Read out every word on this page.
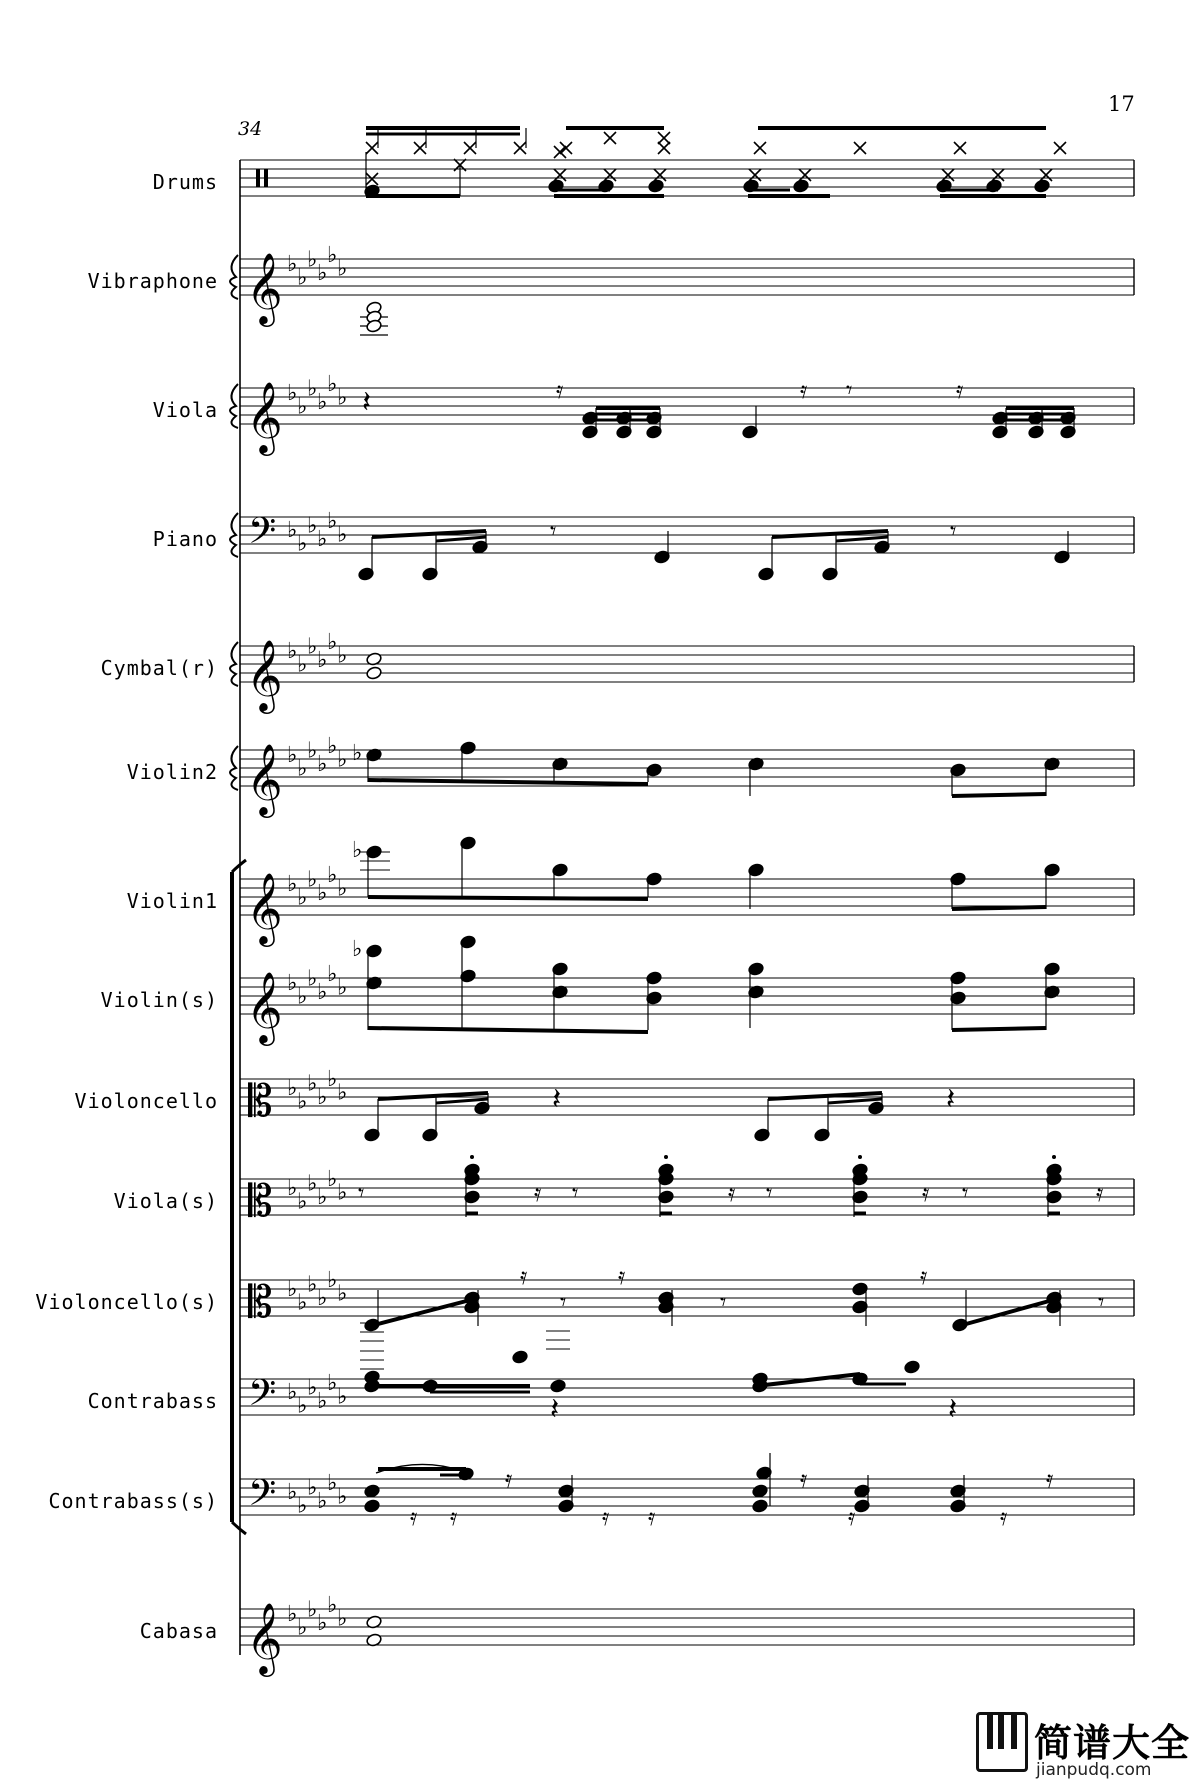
17
34
Drums
Vibraphone
Viola
Piano
Cymbal(r)
Violin2
Violin1
Violin(s)
Violoncello
Viola(s)
Violoncello(s)
Contrabass
Contrabass(s)
Cabasa
𝄞 ♭
♭
♭
♭
♭
♭
𝄞 ♭
♭
♭
♭
♭
♭
𝄢 ♭
♭
♭
♭
♭
♭
𝄞 ♭
♭
♭
♭
♭
♭
𝄞 ♭
♭
♭
♭
♭
♭
𝄞 ♭
♭
♭
♭
♭
♭
𝄞 ♭
♭
♭
♭
♭
♭
𝄡 ♭
♭
♭
♭
♭
♭
𝄡 ♭
♭
♭
♭
♭
♭
𝄡 ♭
♭
♭
♭
♭
♭
𝄢 ♭
♭
♭
♭
♭
♭
𝄢 ♭
♭
♭
♭
♭
♭
𝄞 ♭
♭
♭
♭
♭
♭
𝄽	𝄿	𝄿 𝄾	𝄿
𝄾	𝄾
♭
♭
♭
𝄽	𝄽
𝄾	𝄿 𝄾	𝄿 𝄾	𝄿 𝄾	𝄿
𝄿
𝄾
𝄿
𝄾
𝄿
𝄾
𝄽	𝄽
𝄿 𝄿
𝄿
𝄿 𝄿
𝄿
𝄿	𝄿
𝄿
简谱大全
jianpudq.com
